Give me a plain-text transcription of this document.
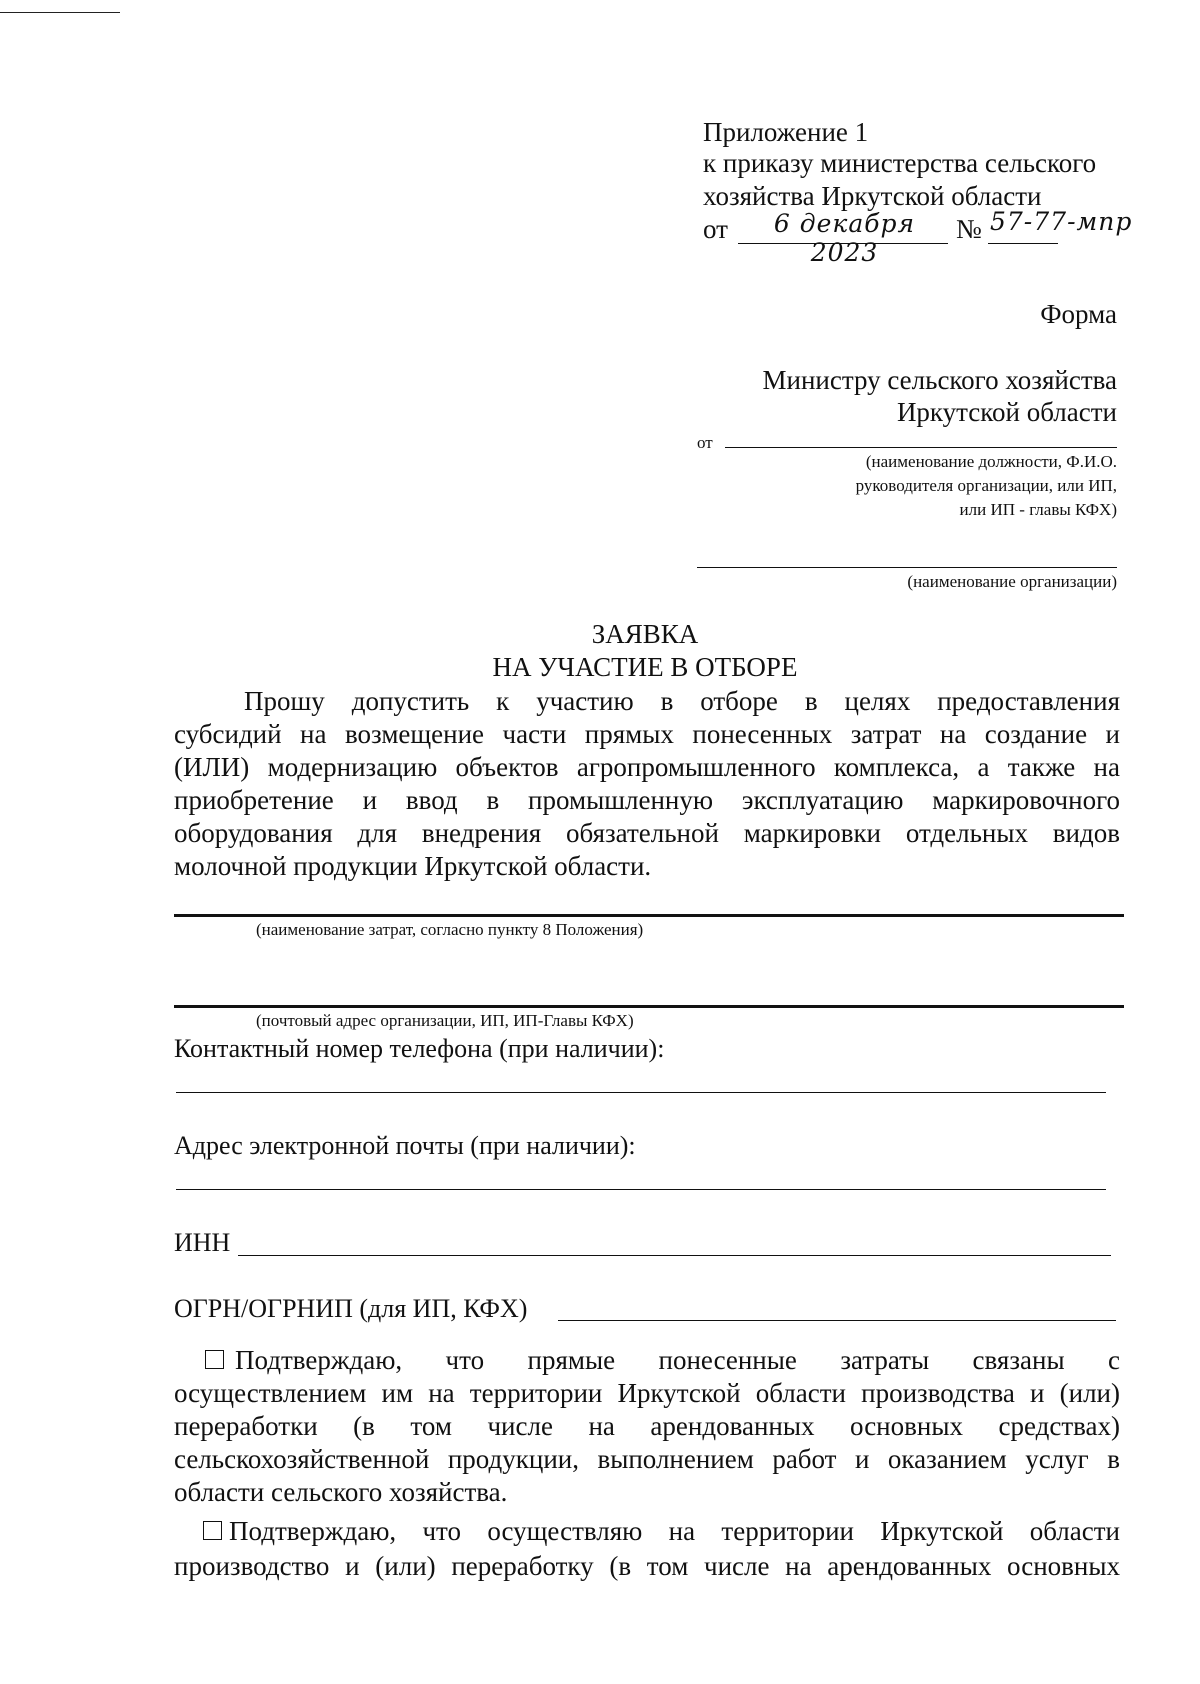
Приложение 1
к приказу министерства сельского
хозяйства Иркутской области
от	6 декабря 2023
№ 57-77-мпр
Форма
Министру сельского хозяйства
Иркутской области
от
(наименование должности, Ф.И.О.
руководителя организации, или ИП,
или ИП - главы КФХ)
(наименование организации)
ЗАЯВКА
НА УЧАСТИЕ В ОТБОРЕ
Прошу допустить к участию в отборе в целях предоставления
субсидий на возмещение части прямых понесенных затрат на создание и
(ИЛИ) модернизацию объектов агропромышленного комплекса, а также на
приобретение и ввод в промышленную эксплуатацию маркировочного
оборудования для внедрения обязательной маркировки отдельных видов
молочной продукции Иркутской области.
(наименование затрат, согласно пункту 8 Положения)
(почтовый адрес организации, ИП, ИП-Главы КФХ)
Контактный номер телефона (при наличии):
Адрес электронной почты (при наличии):
ИНН
ОГРН/ОГРНИП (для ИП, КФХ)
Подтверждаю, что прямые понесенные затраты связаны с
осуществлением им на территории Иркутской области производства и (или)
переработки (в том числе на арендованных основных средствах)
сельскохозяйственной продукции, выполнением работ и оказанием услуг в
области сельского хозяйства.
Подтверждаю, что осуществляю на территории Иркутской области
производство и (или) переработку (в том числе на арендованных основных
